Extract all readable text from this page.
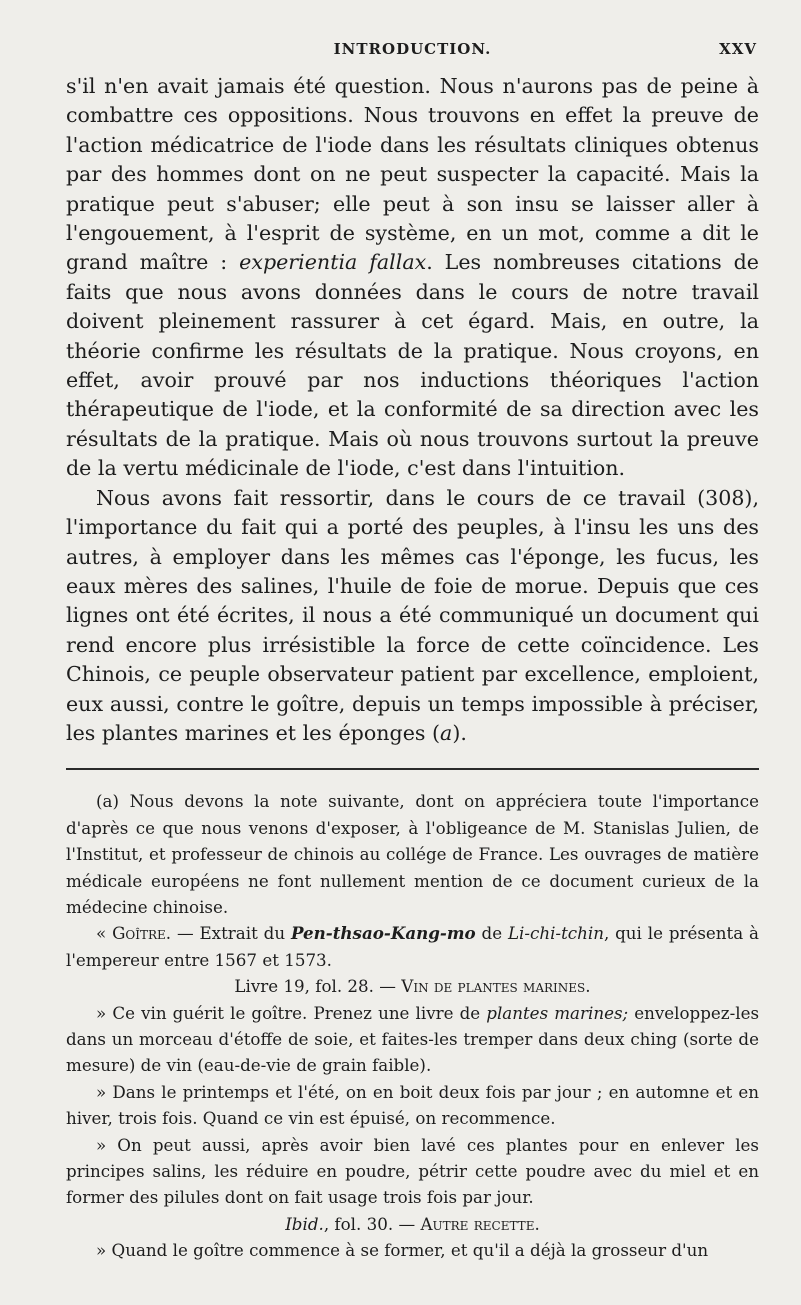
INTRODUCTION.	XXV

s'il n'en avait jamais été question. Nous n'aurons pas de peine à combattre ces oppositions. Nous trouvons en effet la preuve de l'action médicatrice de l'iode dans les résultats cliniques obtenus par des hommes dont on ne peut suspecter la capacité. Mais la pratique peut s'abuser; elle peut à son insu se laisser aller à l'engouement, à l'esprit de système, en un mot, comme a dit le grand maître : experientia fallax. Les nombreuses citations de faits que nous avons données dans le cours de notre travail doivent pleinement rassurer à cet égard. Mais, en outre, la théorie confirme les résultats de la pratique. Nous croyons, en effet, avoir prouvé par nos inductions théoriques l'action thérapeutique de l'iode, et la conformité de sa direction avec les résultats de la pratique. Mais où nous trouvons surtout la preuve de la vertu médicinale de l'iode, c'est dans l'intuition.

Nous avons fait ressortir, dans le cours de ce travail (308), l'importance du fait qui a porté des peuples, à l'insu les uns des autres, à employer dans les mêmes cas l'éponge, les fucus, les eaux mères des salines, l'huile de foie de morue. Depuis que ces lignes ont été écrites, il nous a été communiqué un document qui rend encore plus irrésistible la force de cette coïncidence. Les Chinois, ce peuple observateur patient par excellence, emploient, eux aussi, contre le goître, depuis un temps impossible à préciser, les plantes marines et les éponges (a).

(a) Nous devons la note suivante, dont on appréciera toute l'importance d'après ce que nous venons d'exposer, à l'obligeance de M. Stanislas Julien, de l'Institut, et professeur de chinois au collége de France. Les ouvrages de matière médicale européens ne font nullement mention de ce document curieux de la médecine chinoise.

« Goître. — Extrait du Pen-thsao-Kang-mo de Li-chi-tchin, qui le présenta à l'empereur entre 1567 et 1573.

Livre 19, fol. 28. — Vin de plantes marines.

» Ce vin guérit le goître. Prenez une livre de plantes marines; enveloppez-les dans un morceau d'étoffe de soie, et faites-les tremper dans deux ching (sorte de mesure) de vin (eau-de-vie de grain faible).

» Dans le printemps et l'été, on en boit deux fois par jour ; en automne et en hiver, trois fois. Quand ce vin est épuisé, on recommence.

» On peut aussi, après avoir bien lavé ces plantes pour en enlever les principes salins, les réduire en poudre, pétrir cette poudre avec du miel et en former des pilules dont on fait usage trois fois par jour.

Ibid., fol. 30. — Autre recette.

» Quand le goître commence à se former, et qu'il a déjà la grosseur d'un
